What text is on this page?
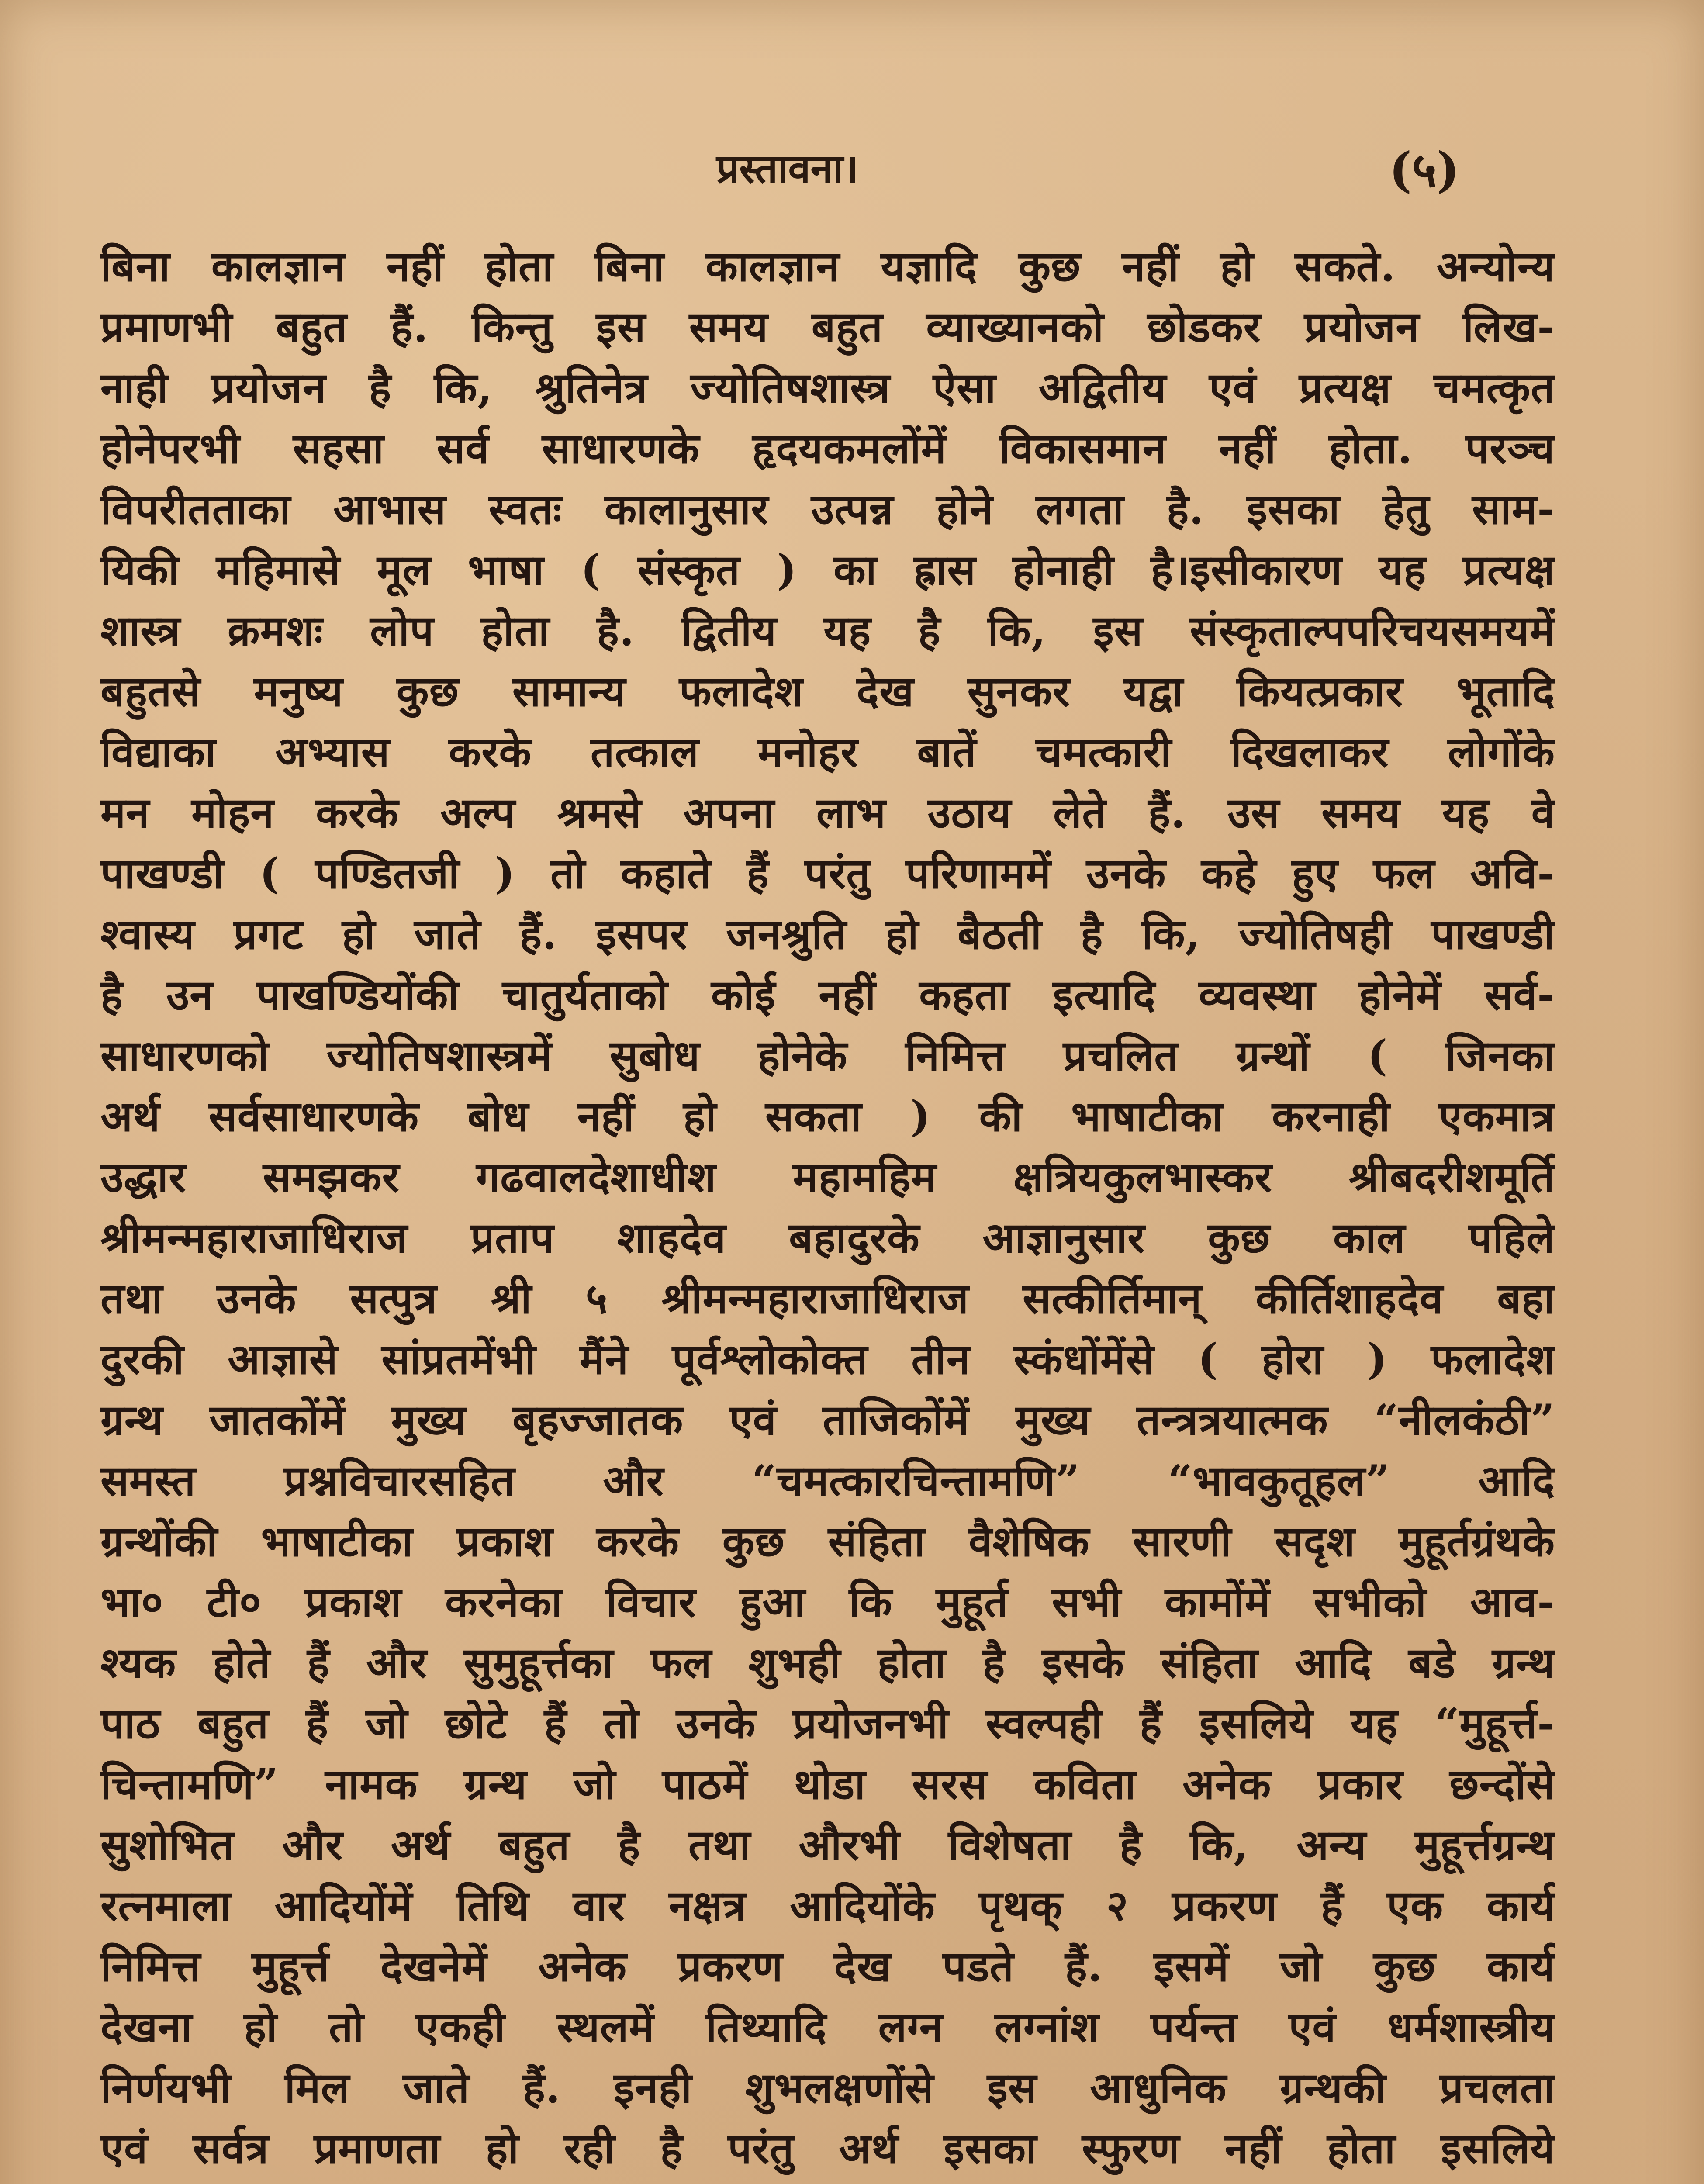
प्रस्तावना।	(५)
बिना कालज्ञान नहीं होता बिना कालज्ञान यज्ञादि कुछ नहीं हो सकते. अन्योन्य
प्रमाणभी बहुत हैं. किन्तु इस समय बहुत व्याख्यानको छोडकर प्रयोजन लिख-
नाही प्रयोजन है कि, श्रुतिनेत्र ज्योतिषशास्त्र ऐसा अद्वितीय एवं प्रत्यक्ष चमत्कृत
होनेपरभी सहसा सर्व साधारणके हृदयकमलोंमें विकासमान नहीं होता. परञ्च
विपरीतताका आभास स्वतः कालानुसार उत्पन्न होने लगता है. इसका हेतु साम-
यिकी महिमासे मूल भाषा ( संस्कृत ) का ह्रास होनाही है।इसीकारण यह प्रत्यक्ष
शास्त्र क्रमशः लोप होता है. द्वितीय यह है कि, इस संस्कृताल्पपरिचयसमयमें
बहुतसे मनुष्य कुछ सामान्य फलादेश देख सुनकर यद्वा कियत्प्रकार भूतादि
विद्याका अभ्यास करके तत्काल मनोहर बातें चमत्कारी दिखलाकर लोगोंके
मन मोहन करके अल्प श्रमसे अपना लाभ उठाय लेते हैं. उस समय यह वे
पाखण्डी ( पण्डितजी ) तो कहाते हैं परंतु परिणाममें उनके कहे हुए फल अवि-
श्वास्य प्रगट हो जाते हैं. इसपर जनश्रुति हो बैठती है कि, ज्योतिषही पाखण्डी
है उन पाखण्डियोंकी चातुर्यताको कोई नहीं कहता इत्यादि व्यवस्था होनेमें सर्व-
साधारणको ज्योतिषशास्त्रमें सुबोध होनेके निमित्त प्रचलित ग्रन्थों ( जिनका
अर्थ सर्वसाधारणके बोध नहीं हो सकता ) की भाषाटीका करनाही एकमात्र
उद्धार समझकर गढवालदेशाधीश महामहिम क्षत्रियकुलभास्कर श्रीबदरीशमूर्ति
श्रीमन्महाराजाधिराज प्रताप शाहदेव बहादुरके आज्ञानुसार कुछ काल पहिले
तथा उनके सत्पुत्र श्री ५ श्रीमन्महाराजाधिराज सत्कीर्तिमान् कीर्तिशाहदेव बहा
दुरकी आज्ञासे सांप्रतमेंभी मैंने पूर्वश्लोकोक्त तीन स्कंधोंमेंसे ( होरा ) फलादेश
ग्रन्थ जातकोंमें मुख्य बृहज्जातक एवं ताजिकोंमें मुख्य तन्त्रत्रयात्मक “नीलकंठी”
समस्त प्रश्नविचारसहित और “चमत्कारचिन्तामणि” “भावकुतूहल” आदि
ग्रन्थोंकी भाषाटीका प्रकाश करके कुछ संहिता वैशेषिक सारणी सदृश मुहूर्तग्रंथके
भा० टी० प्रकाश करनेका विचार हुआ कि मुहूर्त सभी कामोंमें सभीको आव-
श्यक होते हैं और सुमुहूर्त्तका फल शुभही होता है इसके संहिता आदि बडे ग्रन्थ
पाठ बहुत हैं जो छोटे हैं तो उनके प्रयोजनभी स्वल्पही हैं इसलिये यह “मुहूर्त्त-
चिन्तामणि” नामक ग्रन्थ जो पाठमें थोडा सरस कविता अनेक प्रकार छन्दोंसे
सुशोभित और अर्थ बहुत है तथा औरभी विशेषता है कि, अन्य मुहूर्त्तग्रन्थ
रत्नमाला आदियोंमें तिथि वार नक्षत्र आदियोंके पृथक् २ प्रकरण हैं एक कार्य
निमित्त मुहूर्त्त देखनेमें अनेक प्रकरण देख पडते हैं. इसमें जो कुछ कार्य
देखना हो तो एकही स्थलमें तिथ्यादि लग्न लग्नांश पर्यन्त एवं धर्मशास्त्रीय
निर्णयभी मिल जाते हैं. इनही शुभलक्षणोंसे इस आधुनिक ग्रन्थकी प्रचलता
एवं सर्वत्र प्रमाणता हो रही है परंतु अर्थ इसका स्फुरण नहीं होता इसलिये
